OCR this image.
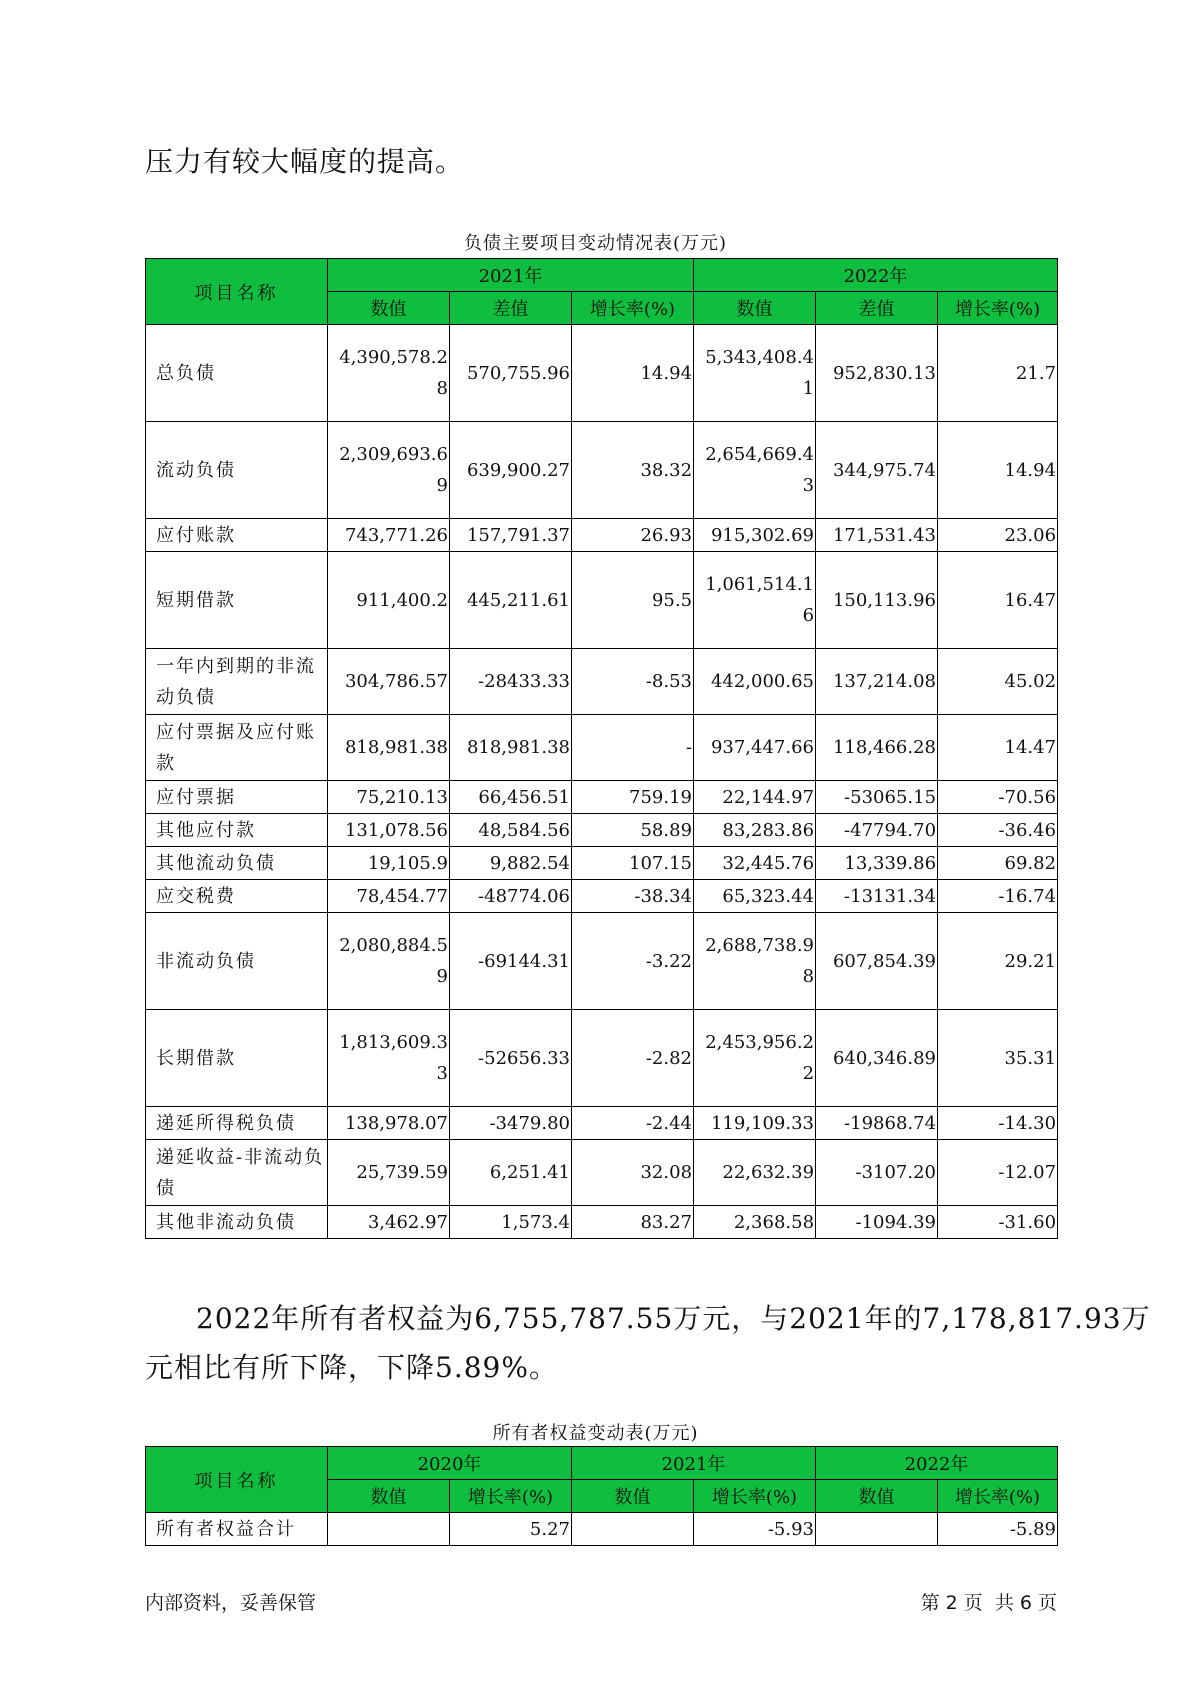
压力有较大幅度的提高。

负债主要项目变动情况表(万元)
项目名称	2021年			2022年		
	数值	差值	增长率(%)	数值	差值	增长率(%)
总负债	4,390,578.28	570,755.96	14.94	5,343,408.41	952,830.13	21.7
流动负债	2,309,693.69	639,900.27	38.32	2,654,669.43	344,975.74	14.94
应付账款	743,771.26	157,791.37	26.93	915,302.69	171,531.43	23.06
短期借款	911,400.2	445,211.61	95.5	1,061,514.16	150,113.96	16.47
一年内到期的非流动负债	304,786.57	-28433.33	-8.53	442,000.65	137,214.08	45.02
应付票据及应付账款	818,981.38	818,981.38	-	937,447.66	118,466.28	14.47
应付票据	75,210.13	66,456.51	759.19	22,144.97	-53065.15	-70.56
其他应付款	131,078.56	48,584.56	58.89	83,283.86	-47794.70	-36.46
其他流动负债	19,105.9	9,882.54	107.15	32,445.76	13,339.86	69.82
应交税费	78,454.77	-48774.06	-38.34	65,323.44	-13131.34	-16.74
非流动负债	2,080,884.59	-69144.31	-3.22	2,688,738.98	607,854.39	29.21
长期借款	1,813,609.33	-52656.33	-2.82	2,453,956.22	640,346.89	35.31
递延所得税负债	138,978.07	-3479.80	-2.44	119,109.33	-19868.74	-14.30
递延收益-非流动负债	25,739.59	6,251.41	32.08	22,632.39	-3107.20	-12.07
其他非流动负债	3,462.97	1,573.4	83.27	2,368.58	-1094.39	-31.60

2022年所有者权益为6,755,787.55万元，与2021年的7,178,817.93万

元相比有所下降，下降5.89%。

所有者权益变动表(万元)
项目名称	2020年		2021年		2022年	
	数值	增长率(%)	数值	增长率(%)	数值	增长率(%)
所有者权益合计		5.27		-5.93		-5.89
内部资料，妥善保管	第 2 页  共 6 页
